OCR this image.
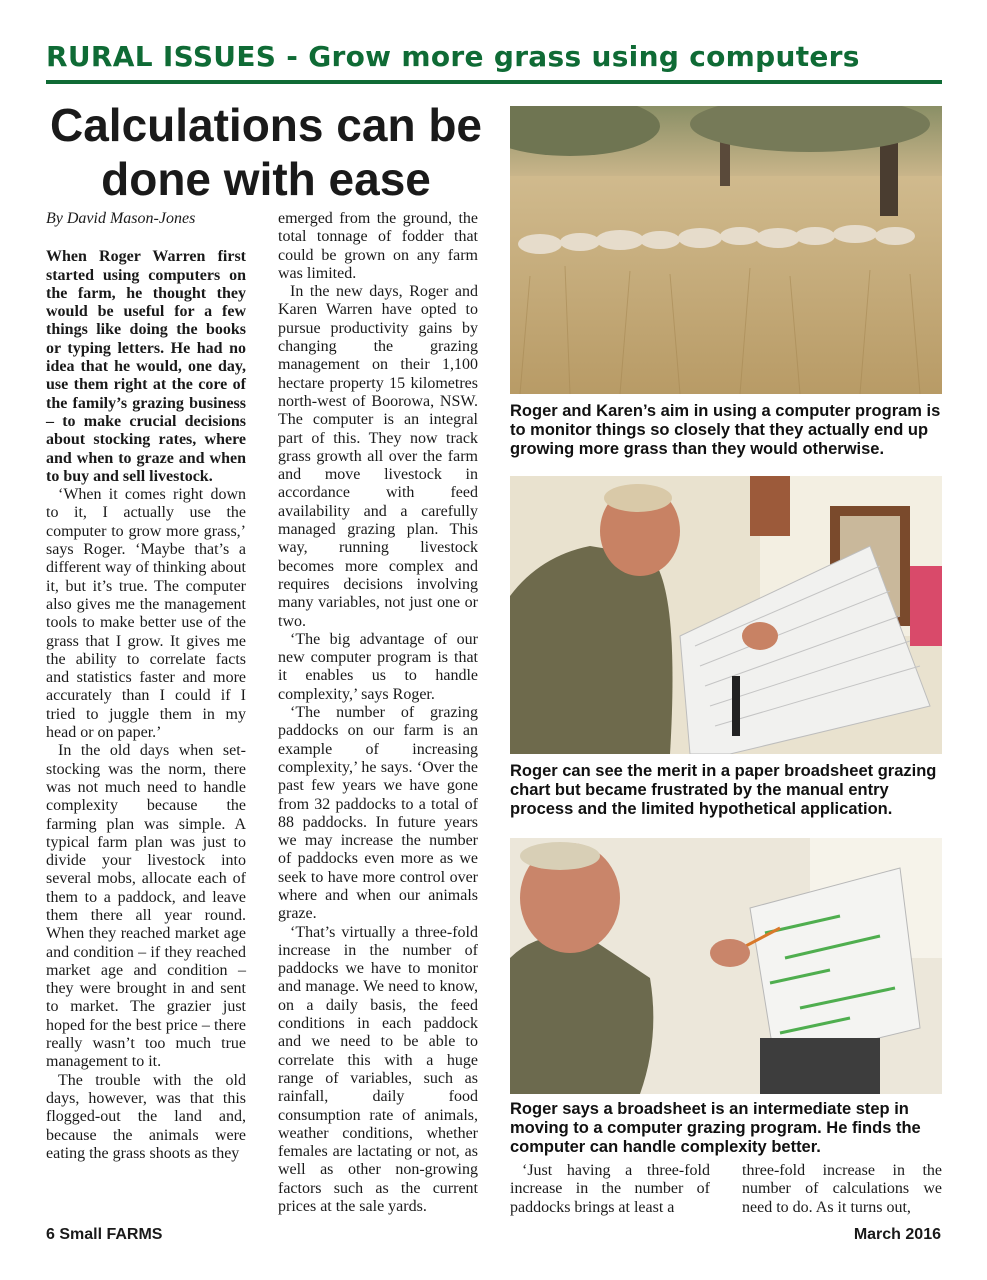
RURAL ISSUES - Grow more grass using computers
Calculations can be
done with ease

By David Mason-Jones

When Roger Warren first started using computers on the farm, he thought they would be useful for a few things like doing the books or typing letters. He had no idea that he would, one day, use them right at the core of the family’s grazing business – to make crucial decisions about stocking rates, where and when to graze and when to buy and sell livestock.

‘When it comes right down to it, I actually use the computer to grow more grass,’ says Roger. ‘Maybe that’s a different way of thinking about it, but it’s true. The computer also gives me the management tools to make better use of the grass that I grow. It gives me the ability to correlate facts and statistics faster and more accurately than I could if I tried to juggle them in my head or on paper.’

In the old days when set-stocking was the norm, there was not much need to handle complexity because the farming plan was simple. A typical farm plan was just to divide your livestock into several mobs, allocate each of them to a paddock, and leave them there all year round. When they reached market age and condition – if they reached market age and condition – they were brought in and sent to market. The grazier just hoped for the best price – there really wasn’t too much true management to it.

The trouble with the old days, however, was that this flogged-out the land and, because the animals were eating the grass shoots as they

emerged from the ground, the total tonnage of fodder that could be grown on any farm was limited.

In the new days, Roger and Karen Warren have opted to pursue productivity gains by changing the grazing management on their 1,100 hectare property 15 kilometres north-west of Boorowa, NSW. The computer is an integral part of this. They now track grass growth all over the farm and move livestock in accordance with feed availability and a carefully managed grazing plan. This way, running livestock becomes more complex and requires decisions involving many variables, not just one or two.

‘The big advantage of our new computer program is that it enables us to handle complexity,’ says Roger.

‘The number of grazing paddocks on our farm is an example of increasing complexity,’ he says. ‘Over the past few years we have gone from 32 paddocks to a total of 88 paddocks. In future years we may increase the number of paddocks even more as we seek to have more control over where and when our animals graze.

‘That’s virtually a three-fold increase in the number of paddocks we have to monitor and manage. We need to know, on a daily basis, the feed conditions in each paddock and we need to be able to correlate this with a huge range of variables, such as rainfall, daily food consumption rate of animals, weather conditions, whether females are lactating or not, as well as other non-growing factors such as the current prices at the sale yards.

Roger and Karen’s aim in using a computer program is to monitor things so closely that they actually end up growing more grass than they would otherwise.
Roger can see the merit in a paper broadsheet grazing chart but became frustrated by the manual entry process and the limited hypothetical application.
Roger says a broadsheet is an intermediate step in moving to a computer grazing program. He finds the computer can handle complexity better.

‘Just having a three-fold increase in the number of paddocks brings at least a

three-fold increase in the number of calculations we need to do. As it turns out,

6 Small FARMS	March 2016
